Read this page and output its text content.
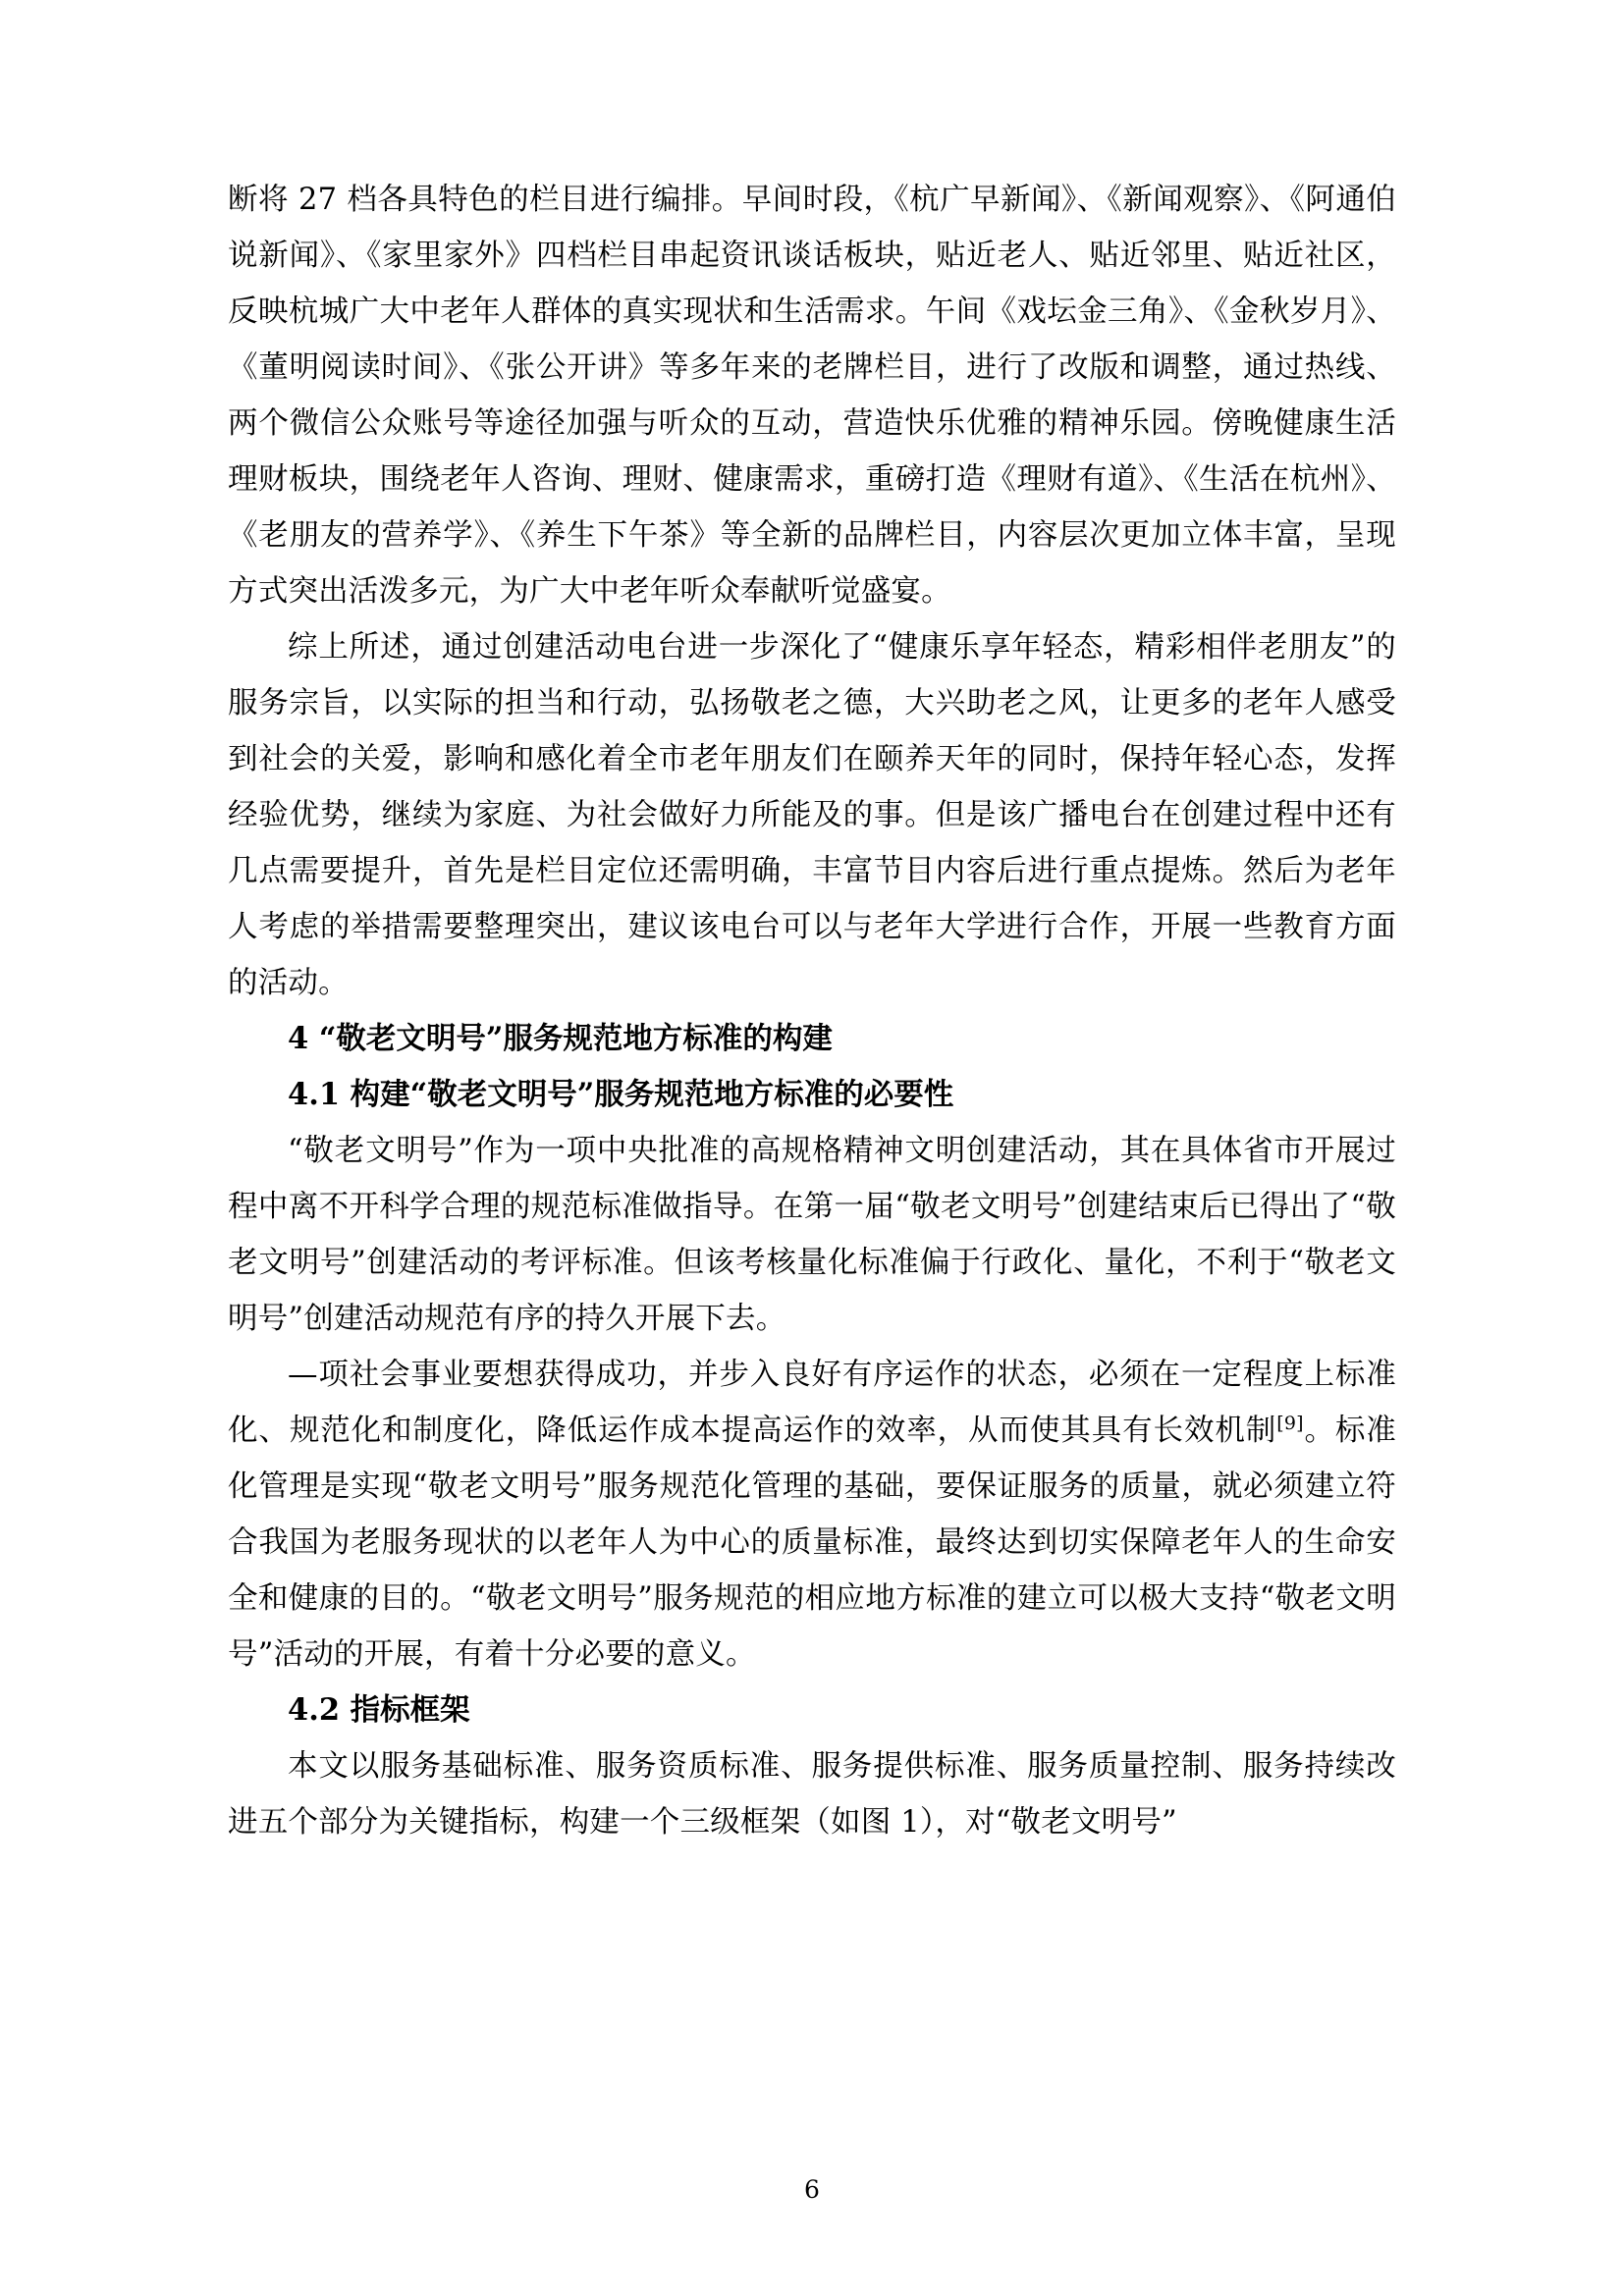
断将 27 档各具特色的栏目进行编排。早间时段，《杭广早新闻》、《新闻观察》、《阿通伯说新闻》、《家里家外》四档栏目串起资讯谈话板块，贴近老人、贴近邻里、贴近社区，反映杭城广大中老年人群体的真实现状和生活需求。午间《戏坛金三角》、《金秋岁月》、《董明阅读时间》、《张公开讲》等多年来的老牌栏目，进行了改版和调整，通过热线、两个微信公众账号等途径加强与听众的互动，营造快乐优雅的精神乐园。傍晚健康生活理财板块，围绕老年人咨询、理财、健康需求，重磅打造《理财有道》、《生活在杭州》、《老朋友的营养学》、《养生下午茶》等全新的品牌栏目，内容层次更加立体丰富，呈现方式突出活泼多元，为广大中老年听众奉献听觉盛宴。

综上所述，通过创建活动电台进一步深化了“健康乐享年轻态，精彩相伴老朋友”的服务宗旨，以实际的担当和行动，弘扬敬老之德，大兴助老之风，让更多的老年人感受到社会的关爱，影响和感化着全市老年朋友们在颐养天年的同时，保持年轻心态，发挥经验优势，继续为家庭、为社会做好力所能及的事。但是该广播电台在创建过程中还有几点需要提升，首先是栏目定位还需明确，丰富节目内容后进行重点提炼。然后为老年人考虑的举措需要整理突出，建议该电台可以与老年大学进行合作，开展一些教育方面的活动。

4 “敬老文明号”服务规范地方标准的构建

4.1 构建“敬老文明号”服务规范地方标准的必要性

“敬老文明号”作为一项中央批准的高规格精神文明创建活动，其在具体省市开展过程中离不开科学合理的规范标准做指导。在第一届“敬老文明号”创建结束后已得出了“敬老文明号”创建活动的考评标准。但该考核量化标准偏于行政化、量化，不利于“敬老文明号”创建活动规范有序的持久开展下去。

—项社会事业要想获得成功，并步入良好有序运作的状态，必须在一定程度上标准化、规范化和制度化，降低运作成本提高运作的效率，从而使其具有长效机制[9]。标准化管理是实现“敬老文明号”服务规范化管理的基础，要保证服务的质量，就必须建立符合我国为老服务现状的以老年人为中心的质量标准，最终达到切实保障老年人的生命安全和健康的目的。“敬老文明号”服务规范的相应地方标准的建立可以极大支持“敬老文明号”活动的开展，有着十分必要的意义。

4.2 指标框架

本文以服务基础标准、服务资质标准、服务提供标准、服务质量控制、服务持续改进五个部分为关键指标，构建一个三级框架（如图 1），对“敬老文明号”

6
